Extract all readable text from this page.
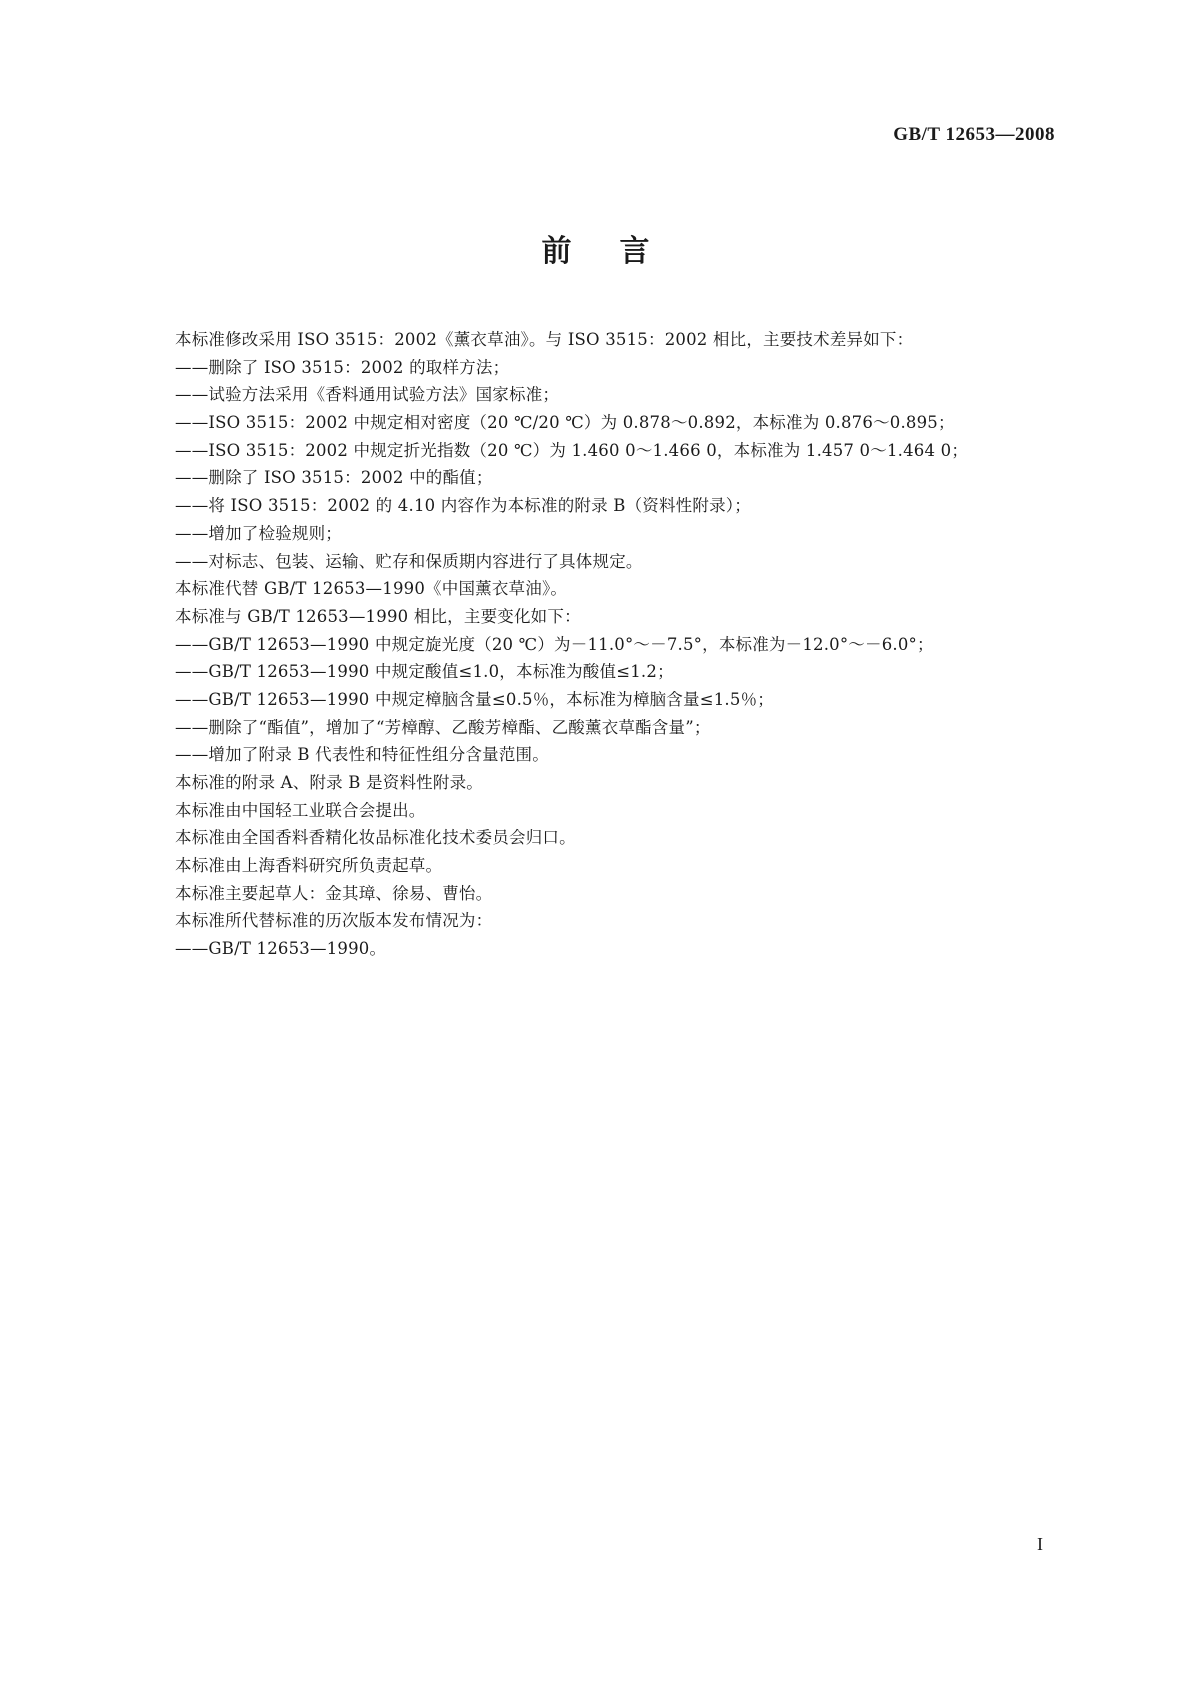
GB/T 12653—2008
前言
本标准修改采用 ISO 3515：2002《薰衣草油》。与 ISO 3515：2002 相比，主要技术差异如下：
——删除了 ISO 3515：2002 的取样方法；
——试验方法采用《香料通用试验方法》国家标准；
——ISO 3515：2002 中规定相对密度（20 ℃/20 ℃）为 0.878～0.892，本标准为 0.876～0.895；
——ISO 3515：2002 中规定折光指数（20 ℃）为 1.460 0～1.466 0，本标准为 1.457 0～1.464 0；
——删除了 ISO 3515：2002 中的酯值；
——将 ISO 3515：2002 的 4.10 内容作为本标准的附录 B（资料性附录）；
——增加了检验规则；
——对标志、包装、运输、贮存和保质期内容进行了具体规定。
本标准代替 GB/T 12653—1990《中国薰衣草油》。
本标准与 GB/T 12653—1990 相比，主要变化如下：
——GB/T 12653—1990 中规定旋光度（20 ℃）为－11.0°～－7.5°，本标准为－12.0°～－6.0°；
——GB/T 12653—1990 中规定酸值≤1.0，本标准为酸值≤1.2；
——GB/T 12653—1990 中规定樟脑含量≤0.5％，本标准为樟脑含量≤1.5％；
——删除了“酯值”，增加了“芳樟醇、乙酸芳樟酯、乙酸薰衣草酯含量”；
——增加了附录 B 代表性和特征性组分含量范围。
本标准的附录 A、附录 B 是资料性附录。
本标准由中国轻工业联合会提出。
本标准由全国香料香精化妆品标准化技术委员会归口。
本标准由上海香料研究所负责起草。
本标准主要起草人：金其璋、徐易、曹怡。
本标准所代替标准的历次版本发布情况为：
——GB/T 12653—1990。
I
